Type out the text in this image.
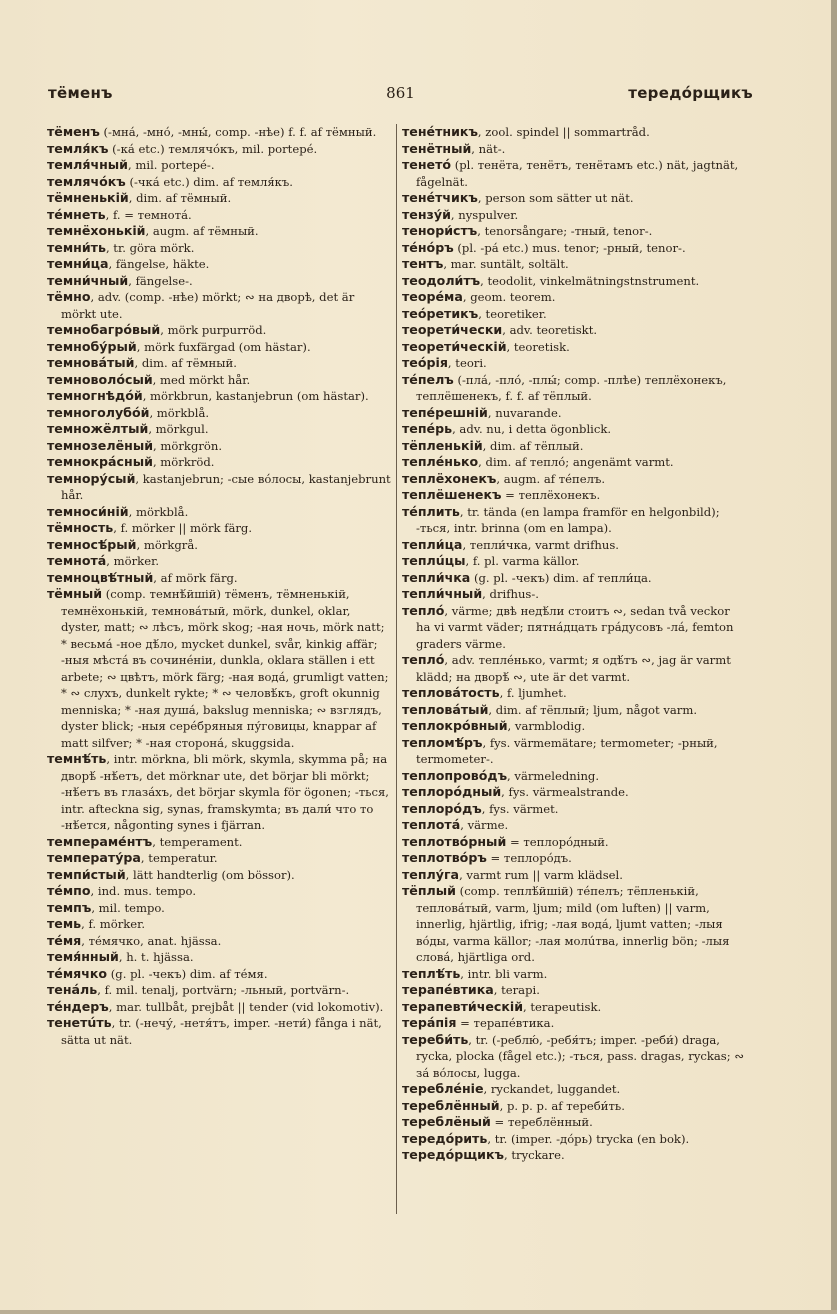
тёменъ	861	тередóрщикъ

тёменъ (-мнá, -мнó, -мны́, comp. -нѣе) f. f. af тёмный.

темля́къ (-кá etc.) темлячóкъ, mil. portepé.

темля́чный, mil. portepé-.

темлячóкъ (-чкá etc.) dim. af темля́къ.

тёмненькій, dim. af тёмный.

тéмнеть, f. = темнотá.

темнёхонькій, augm. af тёмный.

темни́ть, tr. göra mörk.

темни́ца, fängelse, häkte.

темни́чный, fängelse-.

тёмно, adv. (comp. -нѣе) mörkt; ∾ на дворѣ, det är mörkt ute.

темнобагрóвый, mörk purpurröd.

темнобу́рый, mörk fuxfärgad (om hästar).

темновáтый, dim. af тёмный.

темноволóсый, med mörkt hår.

темногнѣдóй, mörkbrun, kastanjebrun (om hästar).

темноголубóй, mörkblå.

темножёлтый, mörkgul.

темнозелёный, mörkgrön.

темнокрáсный, mörkröd.

темнору́сый, kastanjebrun; -сые вóлосы, kastanjebrunt hår.

темноси́ній, mörkblå.

тёмность, f. mörker || mörk färg.

темносѣ́рый, mörkgrå.

темнотá, mörker.

темноцвѣ́тный, af mörk färg.

тёмный (comp. темнѣ́йшій) тёменъ, тёмненькій, темнёхонькій, темновáтый, mörk, dunkel, oklar, dyster, matt; ∾ лѣсъ, mörk skog; -ная ночь, mörk natt; * весьмá -ное дѣ́ло, mycket dunkel, svår, kinkig affär; -ныя мѣстá въ сочинéніи, dunkla, oklara ställen i ett arbete; ∾ цвѣтъ, mörk färg; -ная водá, grumligt vatten; * ∾ слухъ, dunkelt rykte; * ∾ человѣ́къ, groft okunnig menniska; * -ная душá, bakslug menniska; ∾ взглядъ, dyster blick; -ныя серéбряныя пу́говицы, knappar af matt silfver; * -ная сторонá, skuggsida.

темнѣ́ть, intr. mörkna, bli mörk, skymla, skymma på; на дворѣ́ -нѣ́етъ, det mörknar ute, det börjar bli mörkt; -нѣ́етъ въ глазáхъ, det börjar skymla för ögonen; -ться, intr. afteckna sig, synas, framskymta; въ дали́ что то -нѣ́ется, någonting synes i fjärran.

темпераме́нтъ, temperament.

температу́ра, temperatur.

темпи́стый, lätt handterlig (om bössor).

тéмпо, ind. mus. tempo.

темпъ, mil. tempo.

темь, f. mörker.

тéмя, тéмячко, anat. hjässa.

темя́нный, h. t. hjässa.

тéмячко (g. pl. -чекъ) dim. af тéмя.

тенáль, f. mil. tenalj, portvärn; -льный, portvärn-.

тéндеръ, mar. tullbåt, prejbåt || tender (vid lokomotiv).

тенетúть, tr. (-нечу́, -нетя́тъ, imper. -нети́) fånga i nät, sätta ut nät.

тенéтникъ, zool. spindel || sommartråd.

тенётный, nät-.

тенетó (pl. тенёта, тенётъ, тенётамъ etc.) nät, jagtnät, fågelnät.

тенéтчикъ, person som sätter ut nät.

тензу́й, nyspulver.

тенори́стъ, tenorsångare; -тный, tenor-.

тéнóръ (pl. -pá etc.) mus. tenor; -рный, tenor-.

тентъ, mar. suntält, soltält.

теодоли́тъ, teodolit, vinkelmätningstnstrument.

теорéма, geom. teorem.

теóретикъ, teoretiker.

теорети́чески, adv. teoretiskt.

теорети́ческій, teoretisk.

теóрія, teori.

тéпелъ (-плá, -плó, -плы́; comp. -плѣе) теплёхонекъ, теплёшенекъ, f. f. af тёплый.

тепе́решній, nuvarande.

тепéрь, adv. nu, i detta ögonblick.

тёпленькій, dim. af тёплый.

теплéнько, dim. af теплó; angenämt varmt.

теплёхонекъ, augm. af тéпелъ.

теплёшенекъ = теплёхонекъ.

тéплить, tr. tända (en lampa framför en helgonbild); -ться, intr. brinna (om en lampa).

тепли́ца, тепли́чка, varmt drifhus.

теплúцы, f. pl. varma källor.

тепли́чка (g. pl. -чекъ) dim. af тепли́ца.

тепли́чный, drifhus-.

теплó, värme; двѣ недѣ́ли стоитъ ∾, sedan två veckor ha vi varmt väder; пятнáдцать грáдусовъ -лá, femton graders värme.

теплó, adv. теплéнько, varmt; я одѣ́тъ ∾, jag är varmt klädd; на дворѣ́ ∾, ute är det varmt.

тепловáтость, f. ljumhet.

тепловáтый, dim. af тёплый; ljum, något varm.

теплокрóвный, varmblodig.

тепломѣ́ръ, fys. värmemätare; termometer; -рный, termometer-.

теплопровóдъ, värmeledning.

теплорóдный, fys. värmealstrande.

теплорóдъ, fys. värmet.

теплотá, värme.

теплотвóрный = теплорóдный.

теплотвóръ = теплорóдъ.

теплу́га, varmt rum || varm klädsel.

тёплый (comp. теплѣ́йшій) тéпелъ; тёпленькій, тепловáтый, varm, ljum; mild (om luften) || varm, innerlig, hjärtlig, ifrig; -лая водá, ljumt vatten; -лыя вóды, varma källor; -лая молúтва, innerlig bön; -лыя словá, hjärtliga ord.

теплѣ́ть, intr. bli varm.

терапéвтика, terapi.

терапевти́ческій, terapeutisk.

терáпія = терапéвтика.

тереби́ть, tr. (-реблю́, -ребя́тъ; imper. -реби́) draga, rycka, plocka (fågel etc.); -ться, pass. dragas, ryckas; ∾ зá вóлосы, lugga.

тереблéніе, ryckandet, luggandet.

тереблённый, p. p. p. af тереби́ть.

тереблёный = тереблённый.

тередóрить, tr. (imper. -дóрь) trycka (en bok).

тередóрщикъ, tryckare.
